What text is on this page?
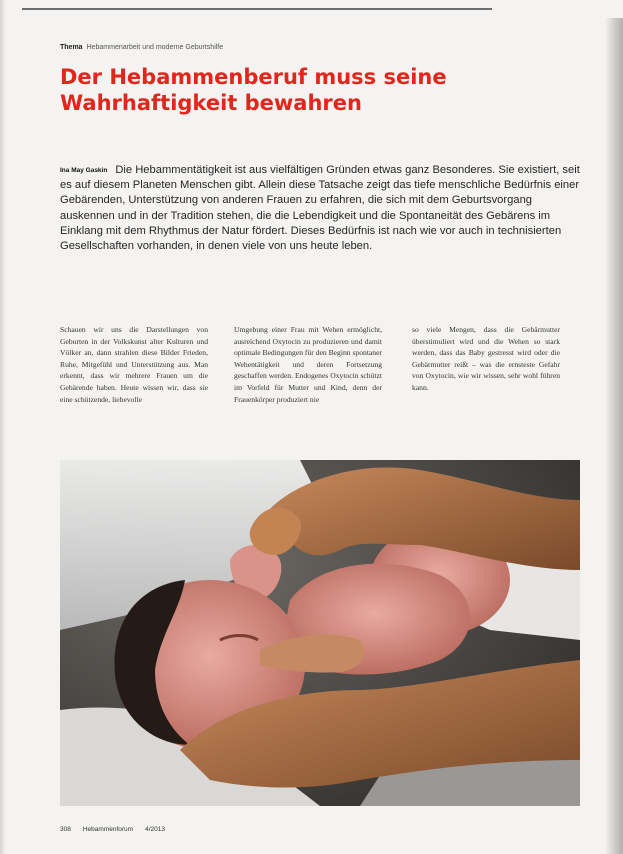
Thema Hebammenarbeit und moderne Geburtshilfe
Der Hebammenberuf muss seine
Wahrhaftigkeit bewahren

Ina May Gaskin Die Hebammentätigkeit ist aus vielfältigen Gründen etwas ganz Besonderes. Sie existiert, seit es auf diesem Planeten Menschen gibt. Allein diese Tatsache zeigt das tiefe menschliche Bedürfnis einer Gebärenden, Unterstützung von anderen Frauen zu erfahren, die sich mit dem Geburtsvorgang auskennen und in der Tradition stehen, die die Lebendigkeit und die Spontaneität des Gebärens im Einklang mit dem Rhythmus der Natur fördert. Dieses Bedürfnis ist nach wie vor auch in technisierten Gesellschaften vorhanden, in denen viele von uns heute leben.

Schauen wir uns die Darstellungen von Geburten in der Volkskunst alter Kulturen und Völker an, dann strahlen diese Bilder Frieden, Ruhe, Mitgefühl und Unterstützung aus. Man erkennt, dass wir mehrere Frauen um die Gebärende haben. Heute wissen wir, dass sie eine schützende, liebevolle
Umgebung einer Frau mit Wehen ermöglicht, ausreichend Oxytocin zu produzieren und damit optimale Bedingungen für den Beginn spontaner Wehentätigkeit und deren Fortsetzung geschaffen werden. Endogenes Oxytocin schützt im Vorfeld für Mutter und Kind, denn der Frauenkörper produziert nie
so viele Mengen, dass die Gebärmutter überstimuliert wird und die Wehen so stark werden, dass das Baby gestresst wird oder die Gebärmutter reißt – was die ernsteste Gefahr von Oxytocin, wie wir wissen, sehr wohl führen kann.
308 Hebammenforum 4/2013
